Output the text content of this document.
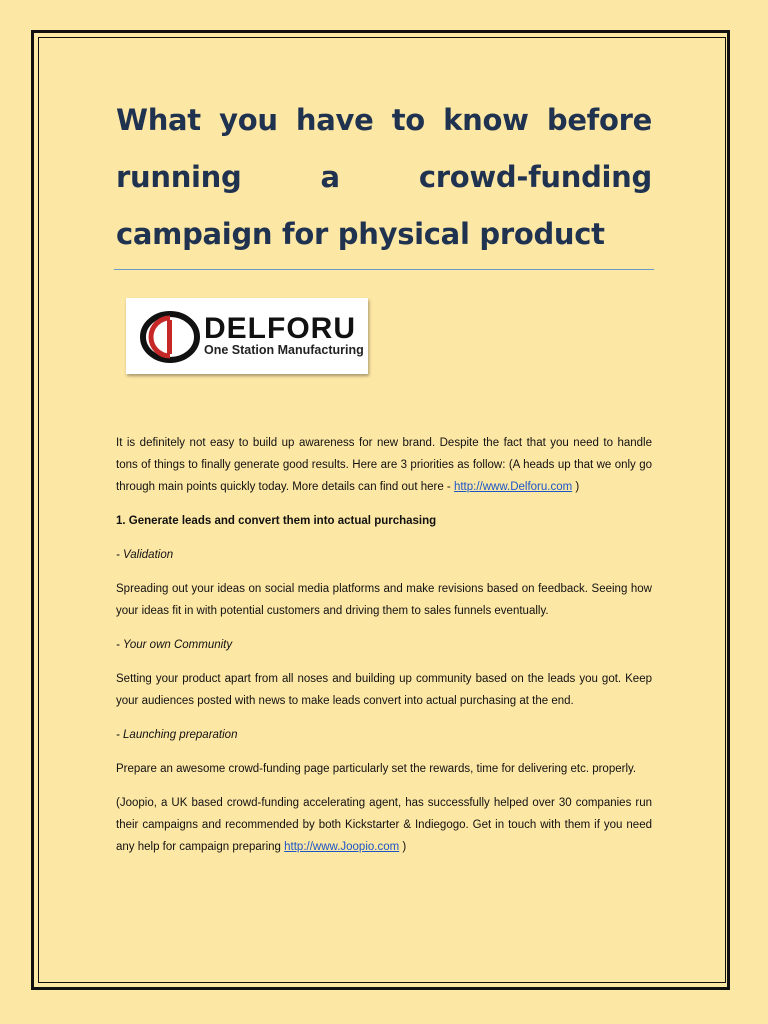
What you have to know before running a crowd-funding campaign for physical product
DELFORU
One Station Manufacturing

It is definitely not easy to build up awareness for new brand. Despite the fact that you need to handle tons of things to finally generate good results. Here are 3 priorities as follow: (A heads up that we only go through main points quickly today. More details can find out here - http://www.Delforu.com )

1. Generate leads and convert them into actual purchasing

- Validation

Spreading out your ideas on social media platforms and make revisions based on feedback. Seeing how your ideas fit in with potential customers and driving them to sales funnels eventually.

- Your own Community

Setting your product apart from all noses and building up community based on the leads you got. Keep your audiences posted with news to make leads convert into actual purchasing at the end.

- Launching preparation

Prepare an awesome crowd-funding page particularly set the rewards, time for delivering etc. properly.

(Joopio, a UK based crowd-funding accelerating agent, has successfully helped over 30 companies run their campaigns and recommended by both Kickstarter & Indiegogo. Get in touch with them if you need any help for campaign preparing http://www.Joopio.com )
